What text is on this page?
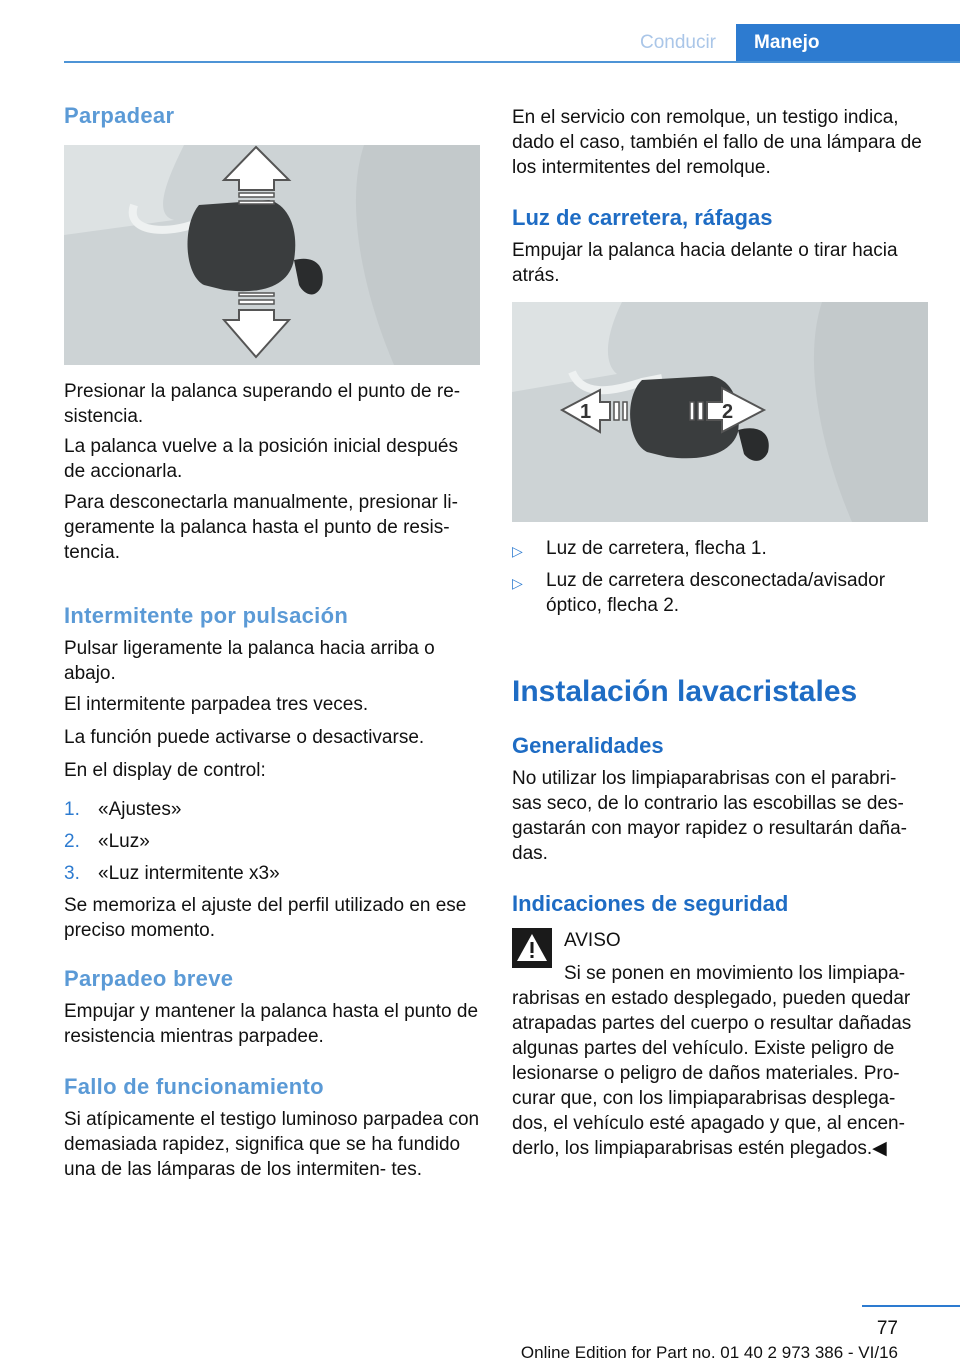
Conducir	Manejo
Parpadear

Presionar la palanca superando el punto de re‐ sistencia.

La palanca vuelve a la posición inicial después de accionarla.

Para desconectarla manualmente, presionar li‐ geramente la palanca hasta el punto de resis‐ tencia.

Intermitente por pulsación

Pulsar ligeramente la palanca hacia arriba o abajo.

El intermitente parpadea tres veces.

La función puede activarse o desactivarse.

En el display de control:

1. «Ajustes»
2. «Luz»
3. «Luz intermitente x3»

Se memoriza el ajuste del perfil utilizado en ese preciso momento.

Parpadeo breve

Empujar y mantener la palanca hasta el punto de resistencia mientras parpadee.

Fallo de funcionamiento

Si atípicamente el testigo luminoso parpadea con demasiada rapidez, significa que se ha fundido una de las lámparas de los intermiten‐ tes.

En el servicio con remolque, un testigo indica, dado el caso, también el fallo de una lámpara de los intermitentes del remolque.

Luz de carretera, ráfagas

Empujar la palanca hacia delante o tirar hacia atrás.

1	2
▷ Luz de carretera, flecha 1.
▷ Luz de carretera desconectada/avisador óptico, flecha 2.
Instalación lavacristales
Generalidades

No utilizar los limpiaparabrisas con el parabri‐ sas seco, de lo contrario las escobillas se des‐ gastarán con mayor rapidez o resultarán daña‐ das.

Indicaciones de seguridad

AVISO

Si se ponen en movimiento los limpiapa‐

rabrisas en estado desplegado, pueden quedar atrapadas partes del cuerpo o resultar dañadas algunas partes del vehículo. Existe peligro de lesionarse o peligro de daños materiales. Pro‐ curar que, con los limpiaparabrisas desplega‐ dos, el vehículo esté apagado y que, al encen‐ derlo, los limpiaparabrisas estén plegados.◀

77
Online Edition for Part no. 01 40 2 973 386 - VI/16
